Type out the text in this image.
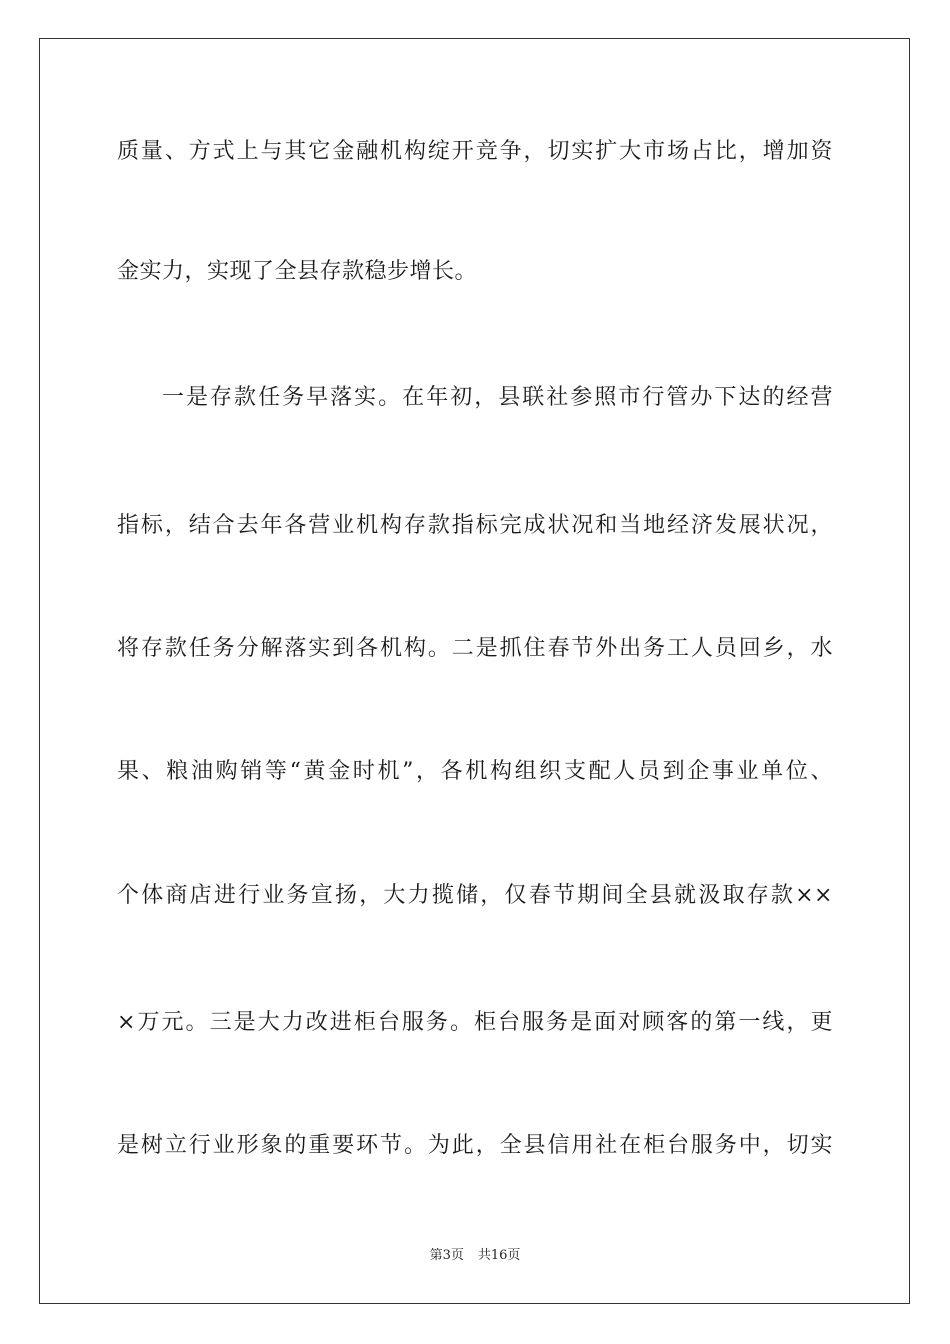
质量、方式上与其它金融机构绽开竞争，切实扩大市场占比，增加资
金实力，实现了全县存款稳步增长。
一是存款任务早落实。在年初，县联社参照市行管办下达的经营
指标，结合去年各营业机构存款指标完成状况和当地经济发展状况，
将存款任务分解落实到各机构。二是抓住春节外出务工人员回乡，水
果、粮油购销等“黄金时机”，各机构组织支配人员到企事业单位、
个体商店进行业务宣扬，大力揽储，仅春节期间全县就汲取存款××
×万元。三是大力改进柜台服务。柜台服务是面对顾客的第一线，更
是树立行业形象的重要环节。为此，全县信用社在柜台服务中，切实
第3页 共16页
